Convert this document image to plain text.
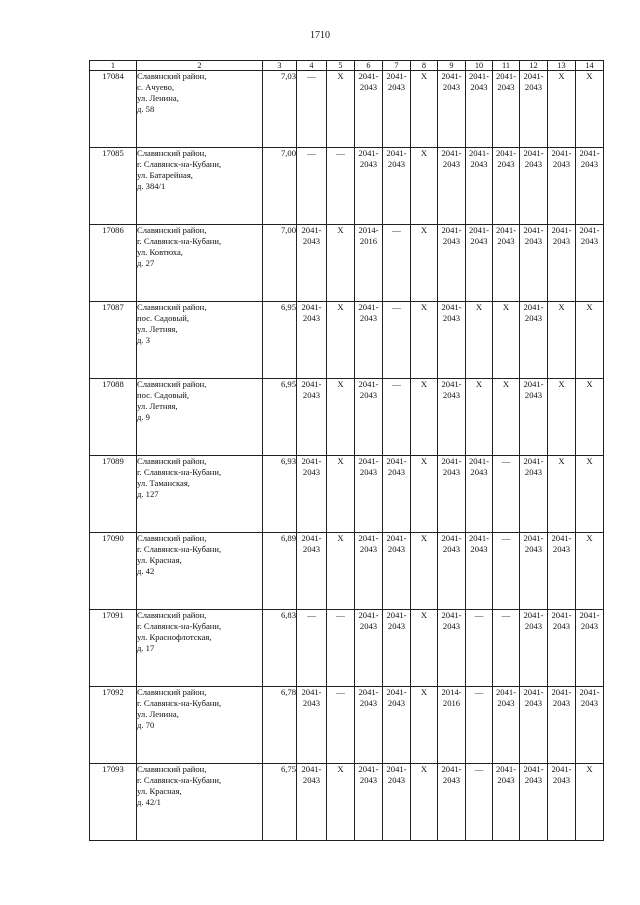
1710
1	2	3	4	5	6	7	8	9	10	11	12	13	14
17084	Славянский район,
с. Ачуево,
ул. Ленина,
д. 58	7,03	—	Х	2041-
2043	2041-
2043	Х	2041-
2043	2041-
2043	2041-
2043	2041-
2043	Х	Х
17085	Славянский район,
г. Славянск-на-Кубани,
ул. Батарейная,
д. 384/1	7,00	—	—	2041-
2043	2041-
2043	Х	2041-
2043	2041-
2043	2041-
2043	2041-
2043	2041-
2043	2041-
2043

17086	Славянский район,
г. Славянск-на-Кубани,
ул. Ковтюха,
д. 27	7,00	2041-
2043	Х	2014-
2016	—	Х	2041-
2043	2041-
2043	2041-
2043	2041-
2043	2041-
2043	2041-
2043

17087	Славянский район,
пос. Садовый,
ул. Летняя,
д. 3	6,95	2041-
2043	Х	2041-
2043	—	Х	2041-
2043	Х	Х	2041-
2043	Х	Х
17088	Славянский район,
пос. Садовый,
ул. Летняя,
д. 9	6,95	2041-
2043	Х	2041-
2043	—	Х	2041-
2043	Х	Х	2041-
2043	Х	Х
17089	Славянский район,
г. Славянск-на-Кубани,
ул. Таманская,
д. 127	6,93	2041-
2043	Х	2041-
2043	2041-
2043	Х	2041-
2043	2041-
2043	—	2041-
2043	Х	Х
17090	Славянский район,
г. Славянск-на-Кубани,
ул. Красная,
д. 42	6,89	2041-
2043	Х	2041-
2043	2041-
2043	Х	2041-
2043	2041-
2043	—	2041-
2043	2041-
2043	Х
17091	Славянский район,
г. Славянск-на-Кубани,
ул. Краснофлотская,
д. 17	6,83	—	—	2041-
2043	2041-
2043	Х	2041-
2043	—	—	2041-
2043	2041-
2043	2041-
2043

17092	Славянский район,
г. Славянск-на-Кубани,
ул. Ленина,
д. 70	6,78	2041-
2043	—	2041-
2043	2041-
2043	Х	2014-
2016	—	2041-
2043	2041-
2043	2041-
2043	2041-
2043

17093	Славянский район,
г. Славянск-на-Кубани,
ул. Красная,
д. 42/1	6,75	2041-
2043	Х	2041-
2043	2041-
2043	Х	2041-
2043	—	2041-
2043	2041-
2043	2041-
2043	Х
